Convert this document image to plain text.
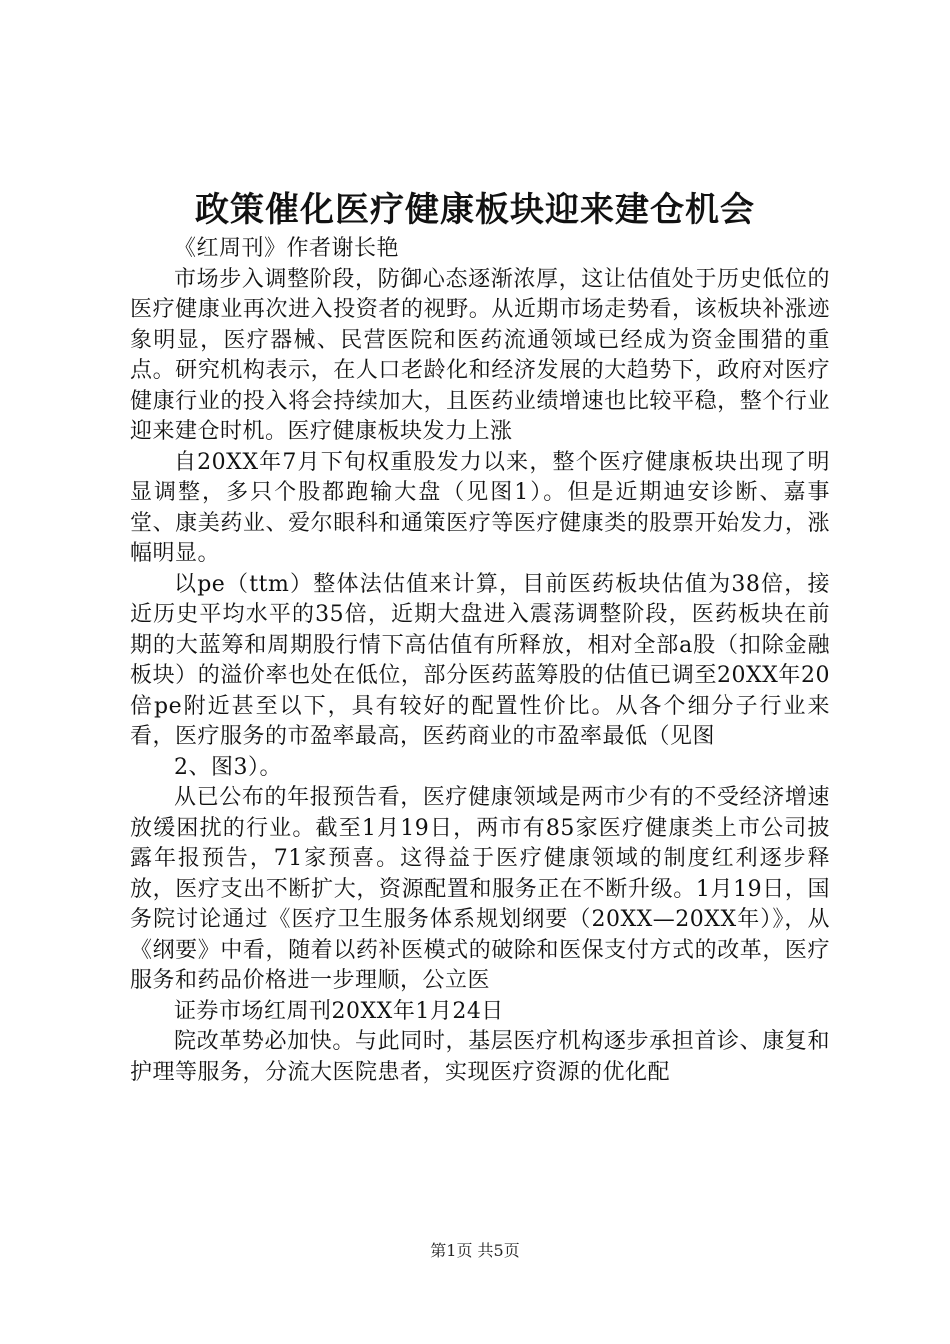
政策催化医疗健康板块迎来建仓机会

《红周刊》作者谢长艳

市场步入调整阶段，防御心态逐渐浓厚，这让估值处于历史低位的医疗健康业再次进入投资者的视野。从近期市场走势看，该板块补涨迹象明显，医疗器械、民营医院和医药流通领域已经成为资金围猎的重点。研究机构表示，在人口老龄化和经济发展的大趋势下，政府对医疗健康行业的投入将会持续加大，且医药业绩增速也比较平稳，整个行业迎来建仓时机。医疗健康板块发力上涨

自20XX年7月下旬权重股发力以来，整个医疗健康板块出现了明显调整，多只个股都跑输大盘（见图1）。但是近期迪安诊断、嘉事堂、康美药业、爱尔眼科和通策医疗等医疗健康类的股票开始发力，涨幅明显。

以pe（ttm）整体法估值来计算，目前医药板块估值为38倍，接近历史平均水平的35倍，近期大盘进入震荡调整阶段，医药板块在前期的大蓝筹和周期股行情下高估值有所释放，相对全部a股（扣除金融板块）的溢价率也处在低位，部分医药蓝筹股的估值已调至20XX年20倍pe附近甚至以下，具有较好的配置性价比。从各个细分子行业来看，医疗服务的市盈率最高，医药商业的市盈率最低（见图

2、图3）。

从已公布的年报预告看，医疗健康领域是两市少有的不受经济增速放缓困扰的行业。截至1月19日，两市有85家医疗健康类上市公司披露年报预告，71家预喜。这得益于医疗健康领域的制度红利逐步释放，医疗支出不断扩大，资源配置和服务正在不断升级。1月19日，国务院讨论通过《医疗卫生服务体系规划纲要（20XX—20XX年）》，从《纲要》中看，随着以药补医模式的破除和医保支付方式的改革，医疗服务和药品价格进一步理顺，公立医

证券市场红周刊20XX年1月24日

院改革势必加快。与此同时，基层医疗机构逐步承担首诊、康复和护理等服务，分流大医院患者，实现医疗资源的优化配

第1页 共5页
